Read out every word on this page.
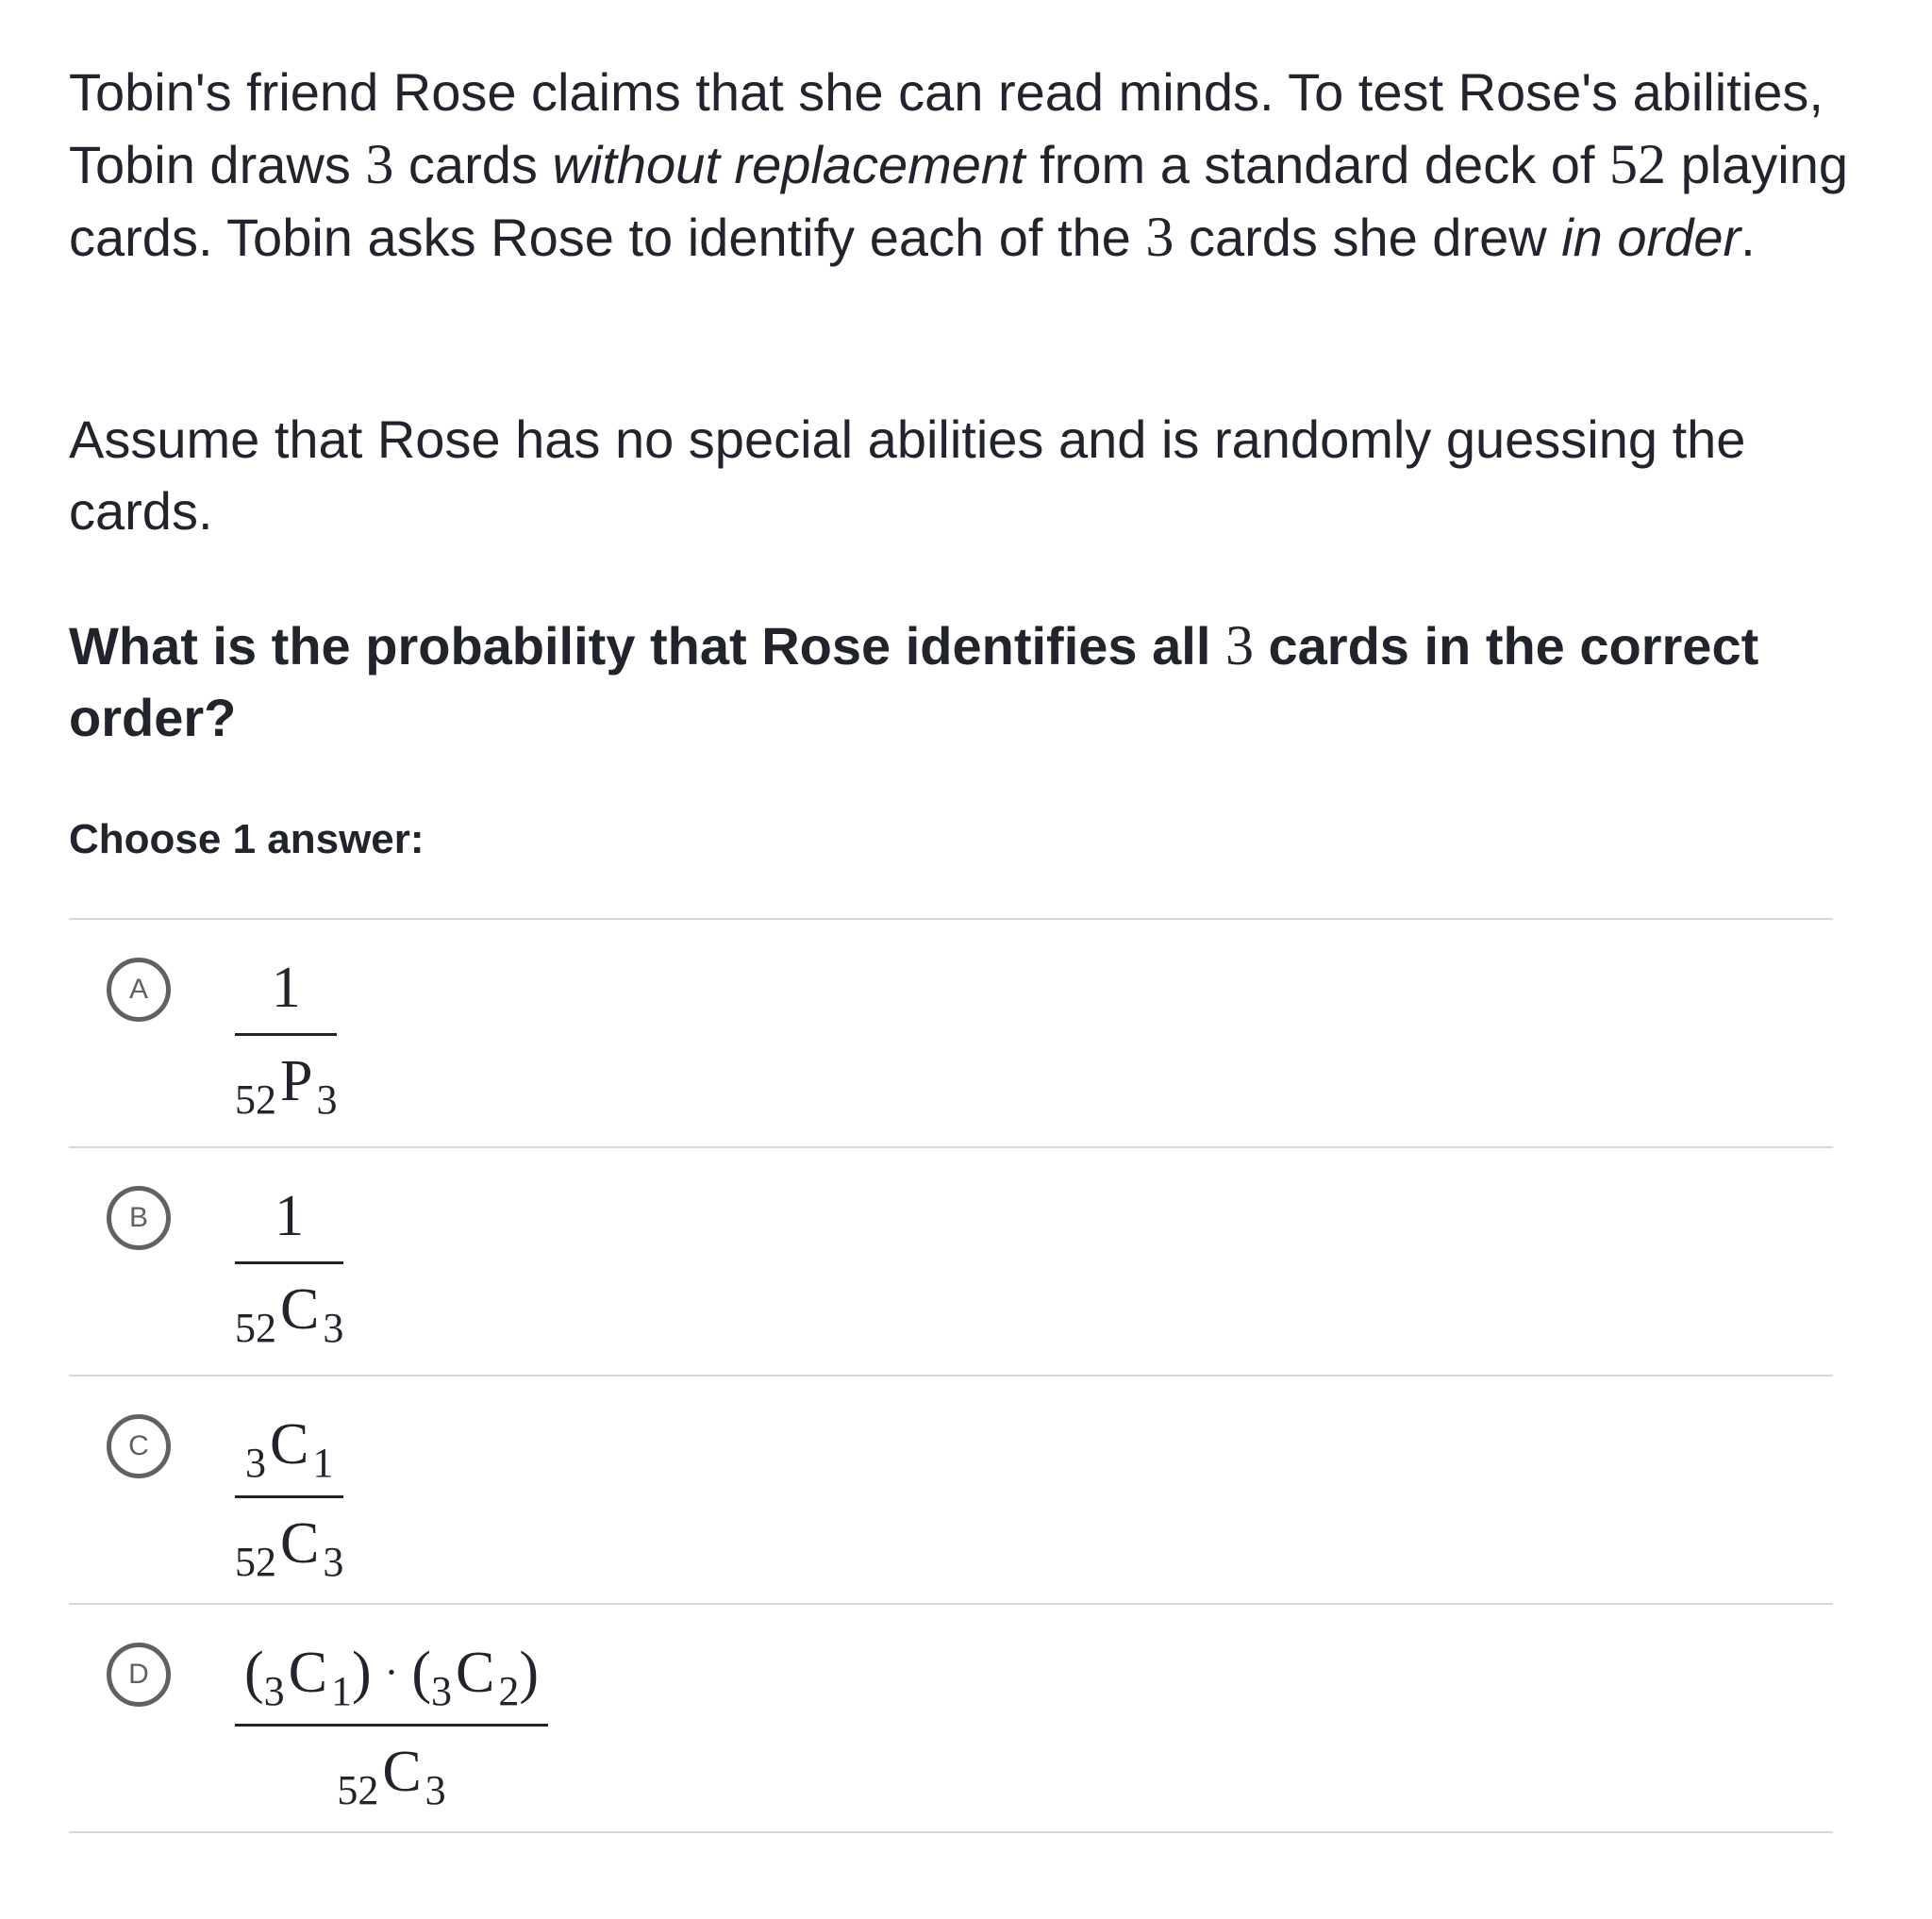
Tobin's friend Rose claims that she can read minds. To test Rose's abilities, Tobin draws 3 cards without replacement from a standard deck of 52 playing cards. Tobin asks Rose to identify each of the 3 cards she drew in order.

Assume that Rose has no special abilities and is randomly guessing the cards.

What is the probability that Rose identifies all 3 cards in the correct order?

Choose 1 answer:
A	1
$_{52}P_3$
B	1
$_{52}C_3$
C	$_3C_1$
$_{52}C_3$
D	$(_3C_1) \cdot (_3C_2)$
$_{52}C_3$
